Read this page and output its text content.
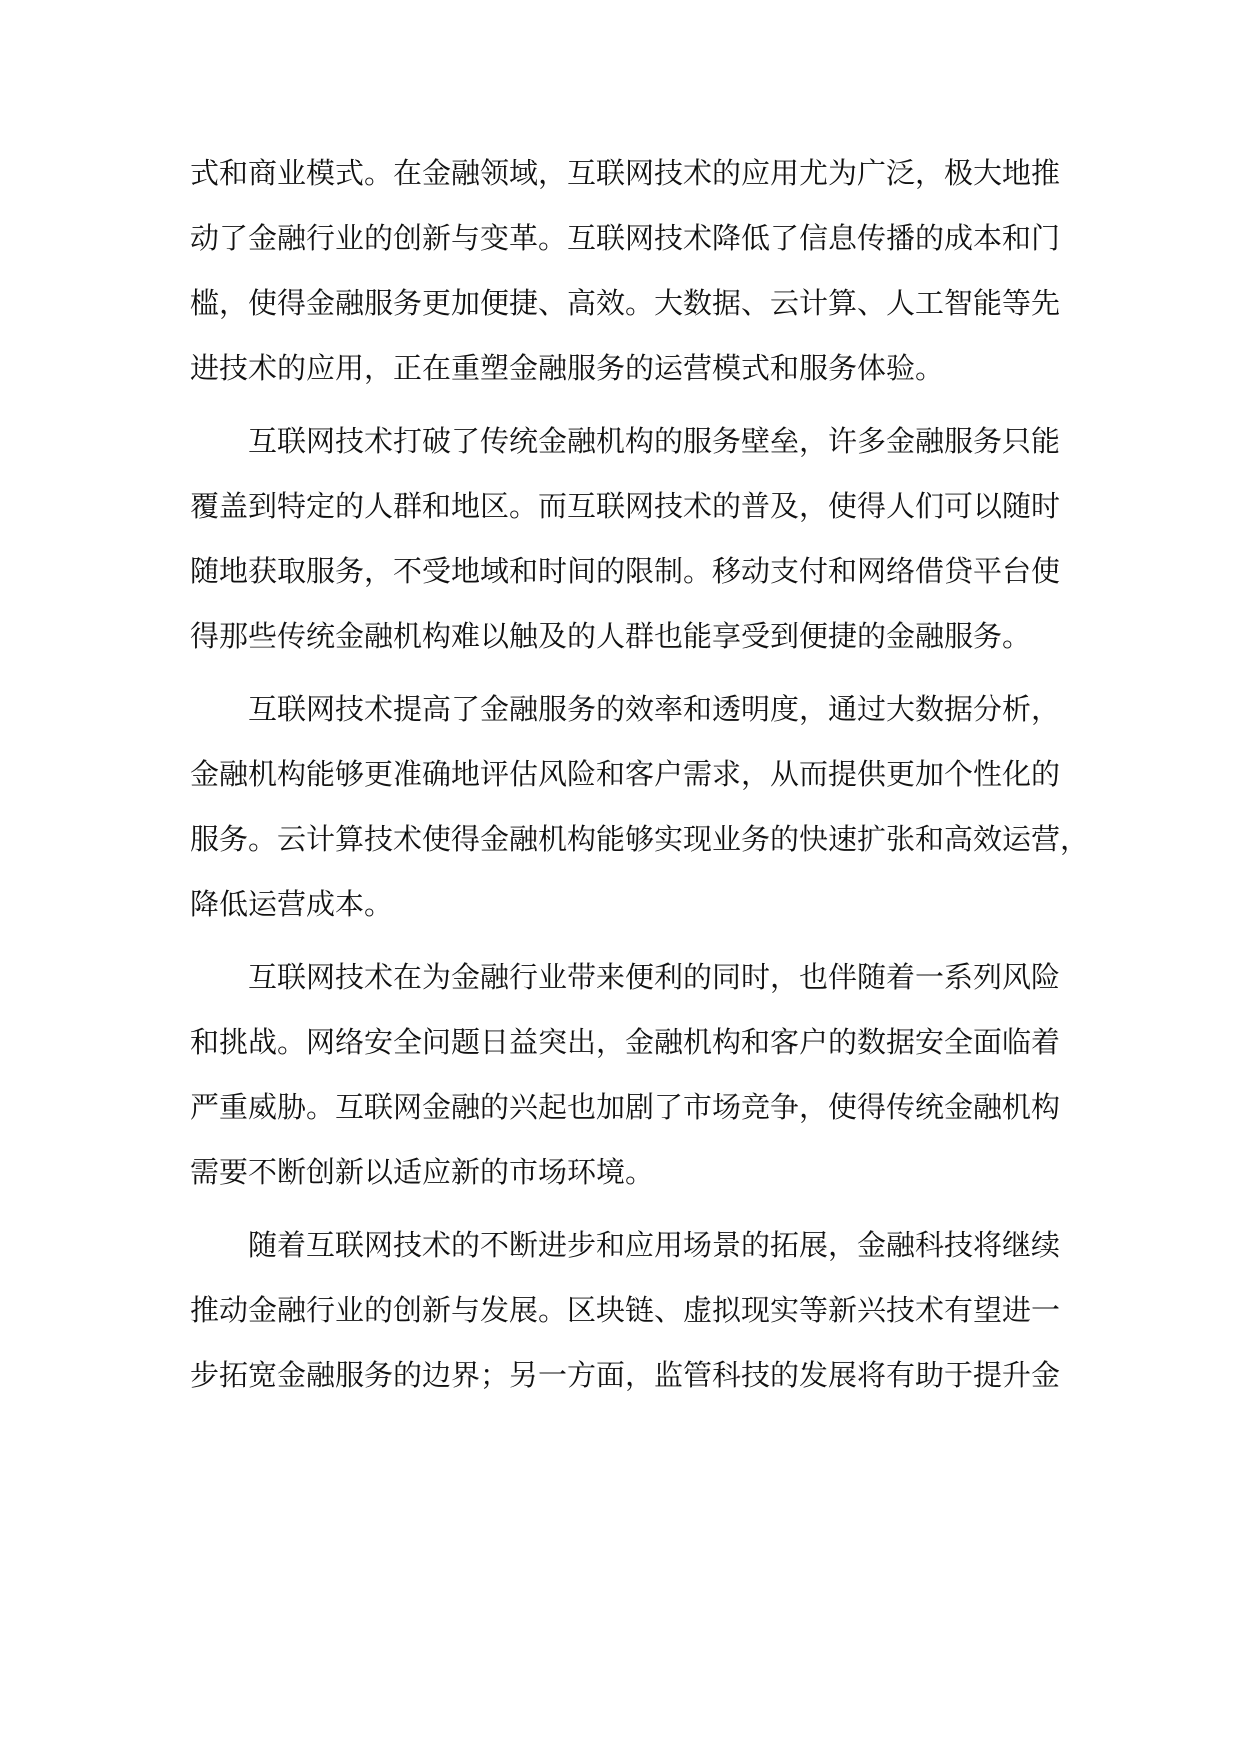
式和商业模式。在金融领域，互联网技术的应用尤为广泛，极大地推
动了金融行业的创新与变革。互联网技术降低了信息传播的成本和门
槛，使得金融服务更加便捷、高效。大数据、云计算、人工智能等先
进技术的应用，正在重塑金融服务的运营模式和服务体验。
互联网技术打破了传统金融机构的服务壁垒，许多金融服务只能
覆盖到特定的人群和地区。而互联网技术的普及，使得人们可以随时
随地获取服务，不受地域和时间的限制。移动支付和网络借贷平台使
得那些传统金融机构难以触及的人群也能享受到便捷的金融服务。
互联网技术提高了金融服务的效率和透明度，通过大数据分析，
金融机构能够更准确地评估风险和客户需求，从而提供更加个性化的
服务。云计算技术使得金融机构能够实现业务的快速扩张和高效运营，
降低运营成本。
互联网技术在为金融行业带来便利的同时，也伴随着一系列风险
和挑战。网络安全问题日益突出，金融机构和客户的数据安全面临着
严重威胁。互联网金融的兴起也加剧了市场竞争，使得传统金融机构
需要不断创新以适应新的市场环境。
随着互联网技术的不断进步和应用场景的拓展，金融科技将继续
推动金融行业的创新与发展。区块链、虚拟现实等新兴技术有望进一
步拓宽金融服务的边界；另一方面，监管科技的发展将有助于提升金
